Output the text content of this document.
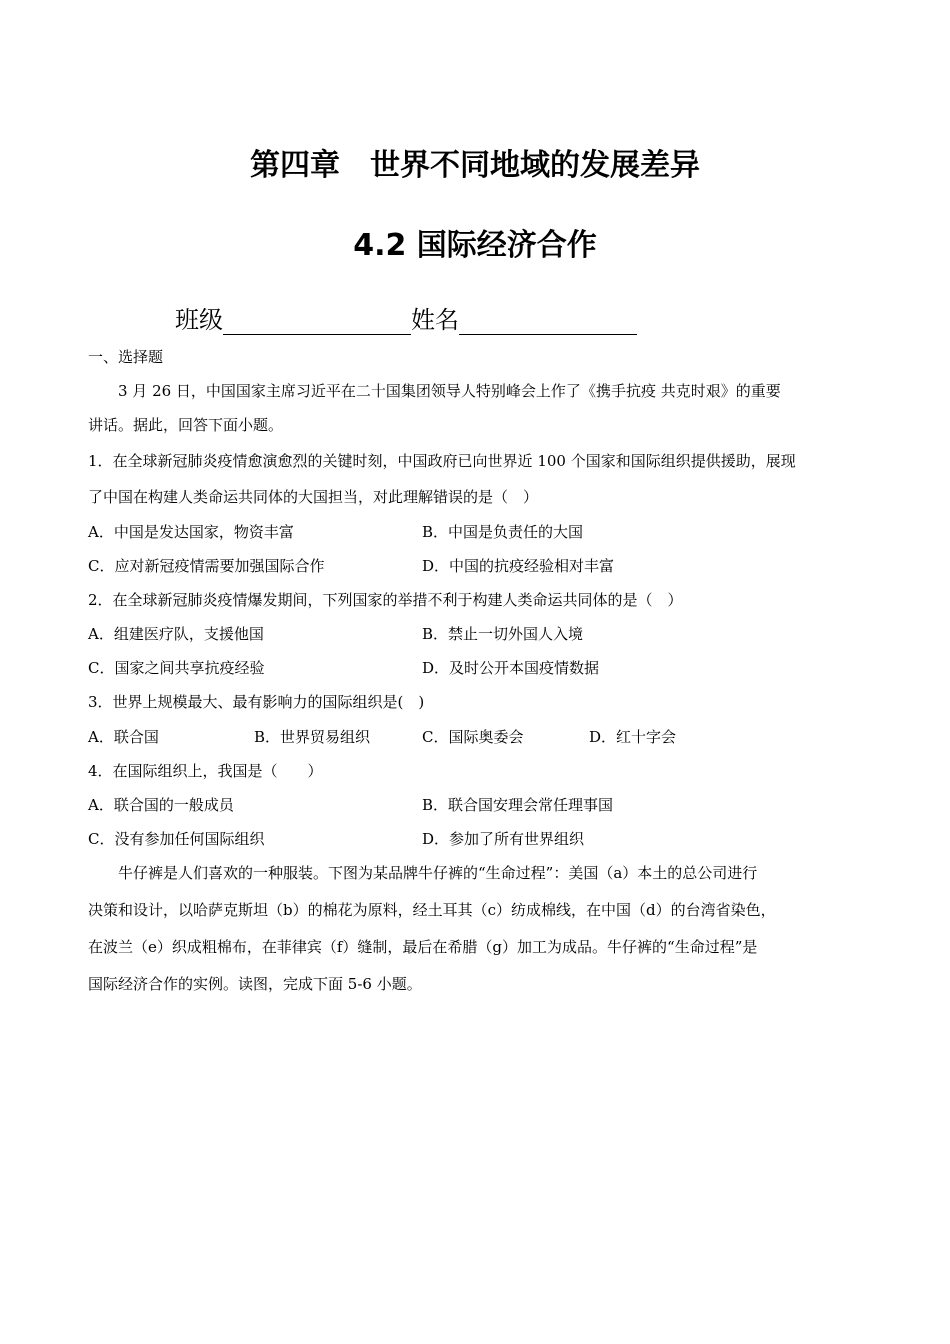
第四章　世界不同地域的发展差异
4.2 国际经济合作
班级	姓名
一、选择题
3 月 26 日，中国国家主席习近平在二十国集团领导人特别峰会上作了《携手抗疫 共克时艰》的重要
讲话。据此，回答下面小题。
1．在全球新冠肺炎疫情愈演愈烈的关键时刻，中国政府已向世界近 100 个国家和国际组织提供援助，展现
了中国在构建人类命运共同体的大国担当，对此理解错误的是（　）
A．中国是发达国家，物资丰富	B．中国是负责任的大国
C．应对新冠疫情需要加强国际合作	D．中国的抗疫经验相对丰富
2．在全球新冠肺炎疫情爆发期间，下列国家的举措不利于构建人类命运共同体的是（　）
A．组建医疗队，支援他国	B．禁止一切外国人入境
C．国家之间共享抗疫经验	D．及时公开本国疫情数据
3．世界上规模最大、最有影响力的国际组织是(　)
A．联合国	B．世界贸易组织	C．国际奥委会	D．红十字会
4．在国际组织上，我国是（　　）
A．联合国的一般成员	B．联合国安理会常任理事国
C．没有参加任何国际组织	D．参加了所有世界组织
牛仔裤是人们喜欢的一种服装。下图为某品牌牛仔裤的“生命过程”：美国（a）本土的总公司进行
决策和设计，以哈萨克斯坦（b）的棉花为原料，经土耳其（c）纺成棉线，在中国（d）的台湾省染色，
在波兰（e）织成粗棉布，在菲律宾（f）缝制，最后在希腊（g）加工为成品。牛仔裤的“生命过程”是
国际经济合作的实例。读图，完成下面 5-6 小题。
